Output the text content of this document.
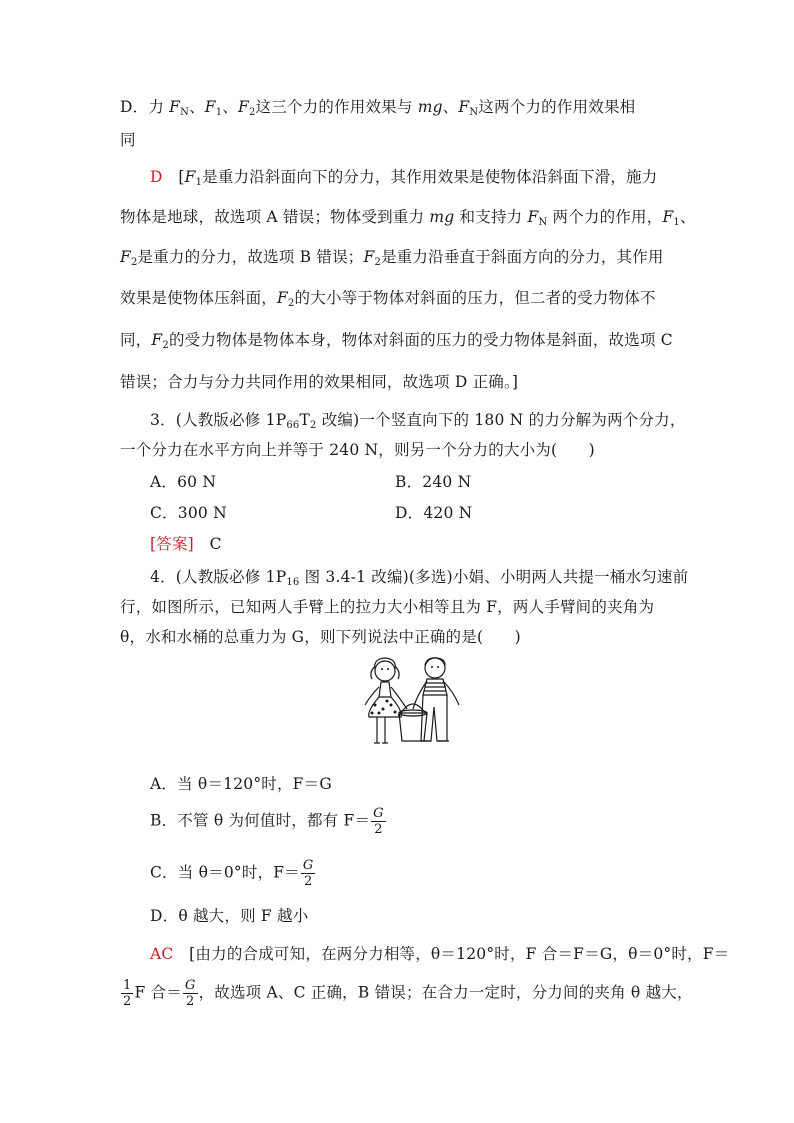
D．力 $F_N$、$F_1$、$F_2$这三个力的作用效果与 mg、$F_N$这两个力的作用效果相
同
D　 [$F_1$是重力沿斜面向下的分力，其作用效果是使物体沿斜面下滑，施力
物体是地球，故选项 A 错误；物体受到重力 mg 和支持力 $F_N$ 两个力的作用，$F_1$、
$F_2$是重力的分力，故选项 B 错误；$F_2$是重力沿垂直于斜面方向的分力，其作用
效果是使物体压斜面，$F_2$的大小等于物体对斜面的压力，但二者的受力物体不
同，$F_2$的受力物体是物体本身，物体对斜面的压力的受力物体是斜面，故选项 C
错误；合力与分力共同作用的效果相同，故选项 D 正确。]
3．(人教版必修 $1P_{66}T_2$ 改编)一个竖直向下的 180 N 的力分解为两个分力，
一个分力在水平方向上并等于 240 N，则另一个分力的大小为(　　)
A．60 N	B．240 N
C．300 N	D．420 N
[答案]　 C
4．(人教版必修 $1P_{16}$ 图 3.4-1 改编)(多选)小娟、小明两人共提一桶水匀速前
行，如图所示，已知两人手臂上的拉力大小相等且为 F，两人手臂间的夹角为
θ，水和水桶的总重力为 G，则下列说法中正确的是(　　)
A．当 θ＝120°时，F＝G
B．不管 θ 为何值时，都有 $F= \frac{G}{2}$
C．当 θ＝0°时，$F= \frac{G}{2}$
D．θ 越大，则 F 越小
AC　 [由力的合成可知，在两分力相等，θ＝120°时，F 合＝F＝G，θ＝0°时，F＝
$\frac{1}{2}$ F 合＝ $\frac{G}{2}$ ，故选项 A、C 正确，B 错误；在合力一定时，分力间的夹角 θ 越大，
